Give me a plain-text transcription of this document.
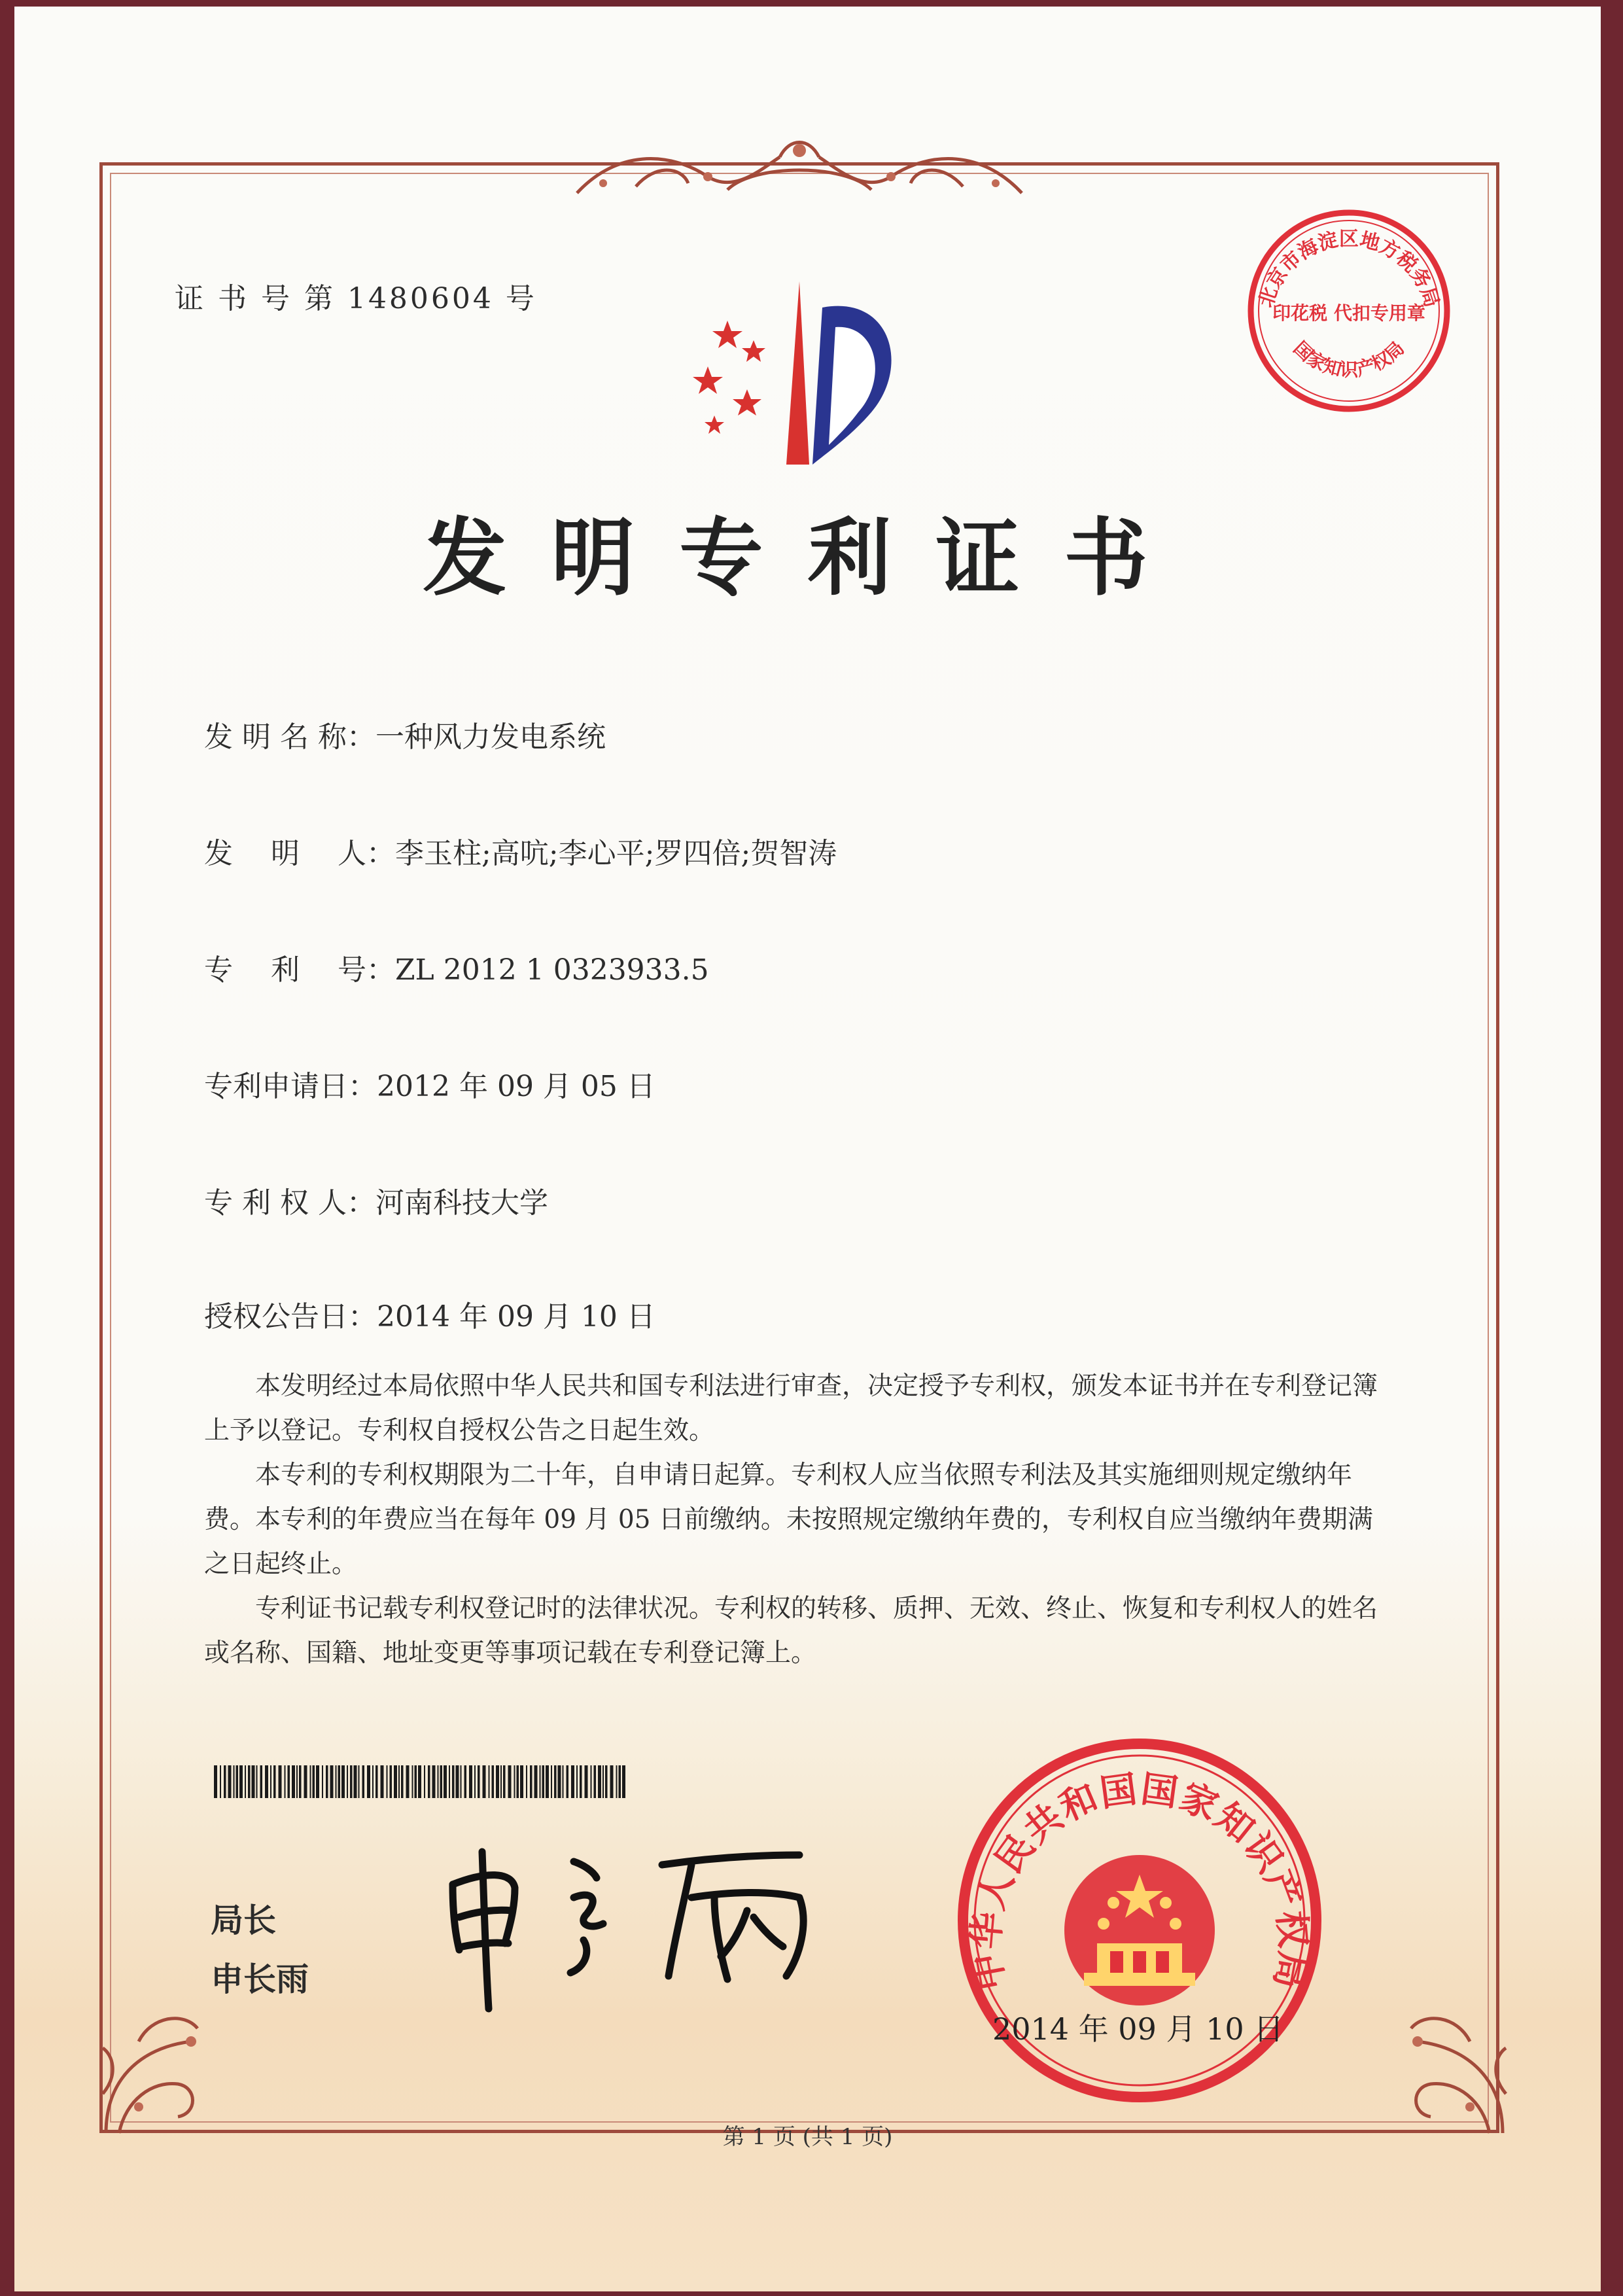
证 书 号 第 1480604 号	北京市海淀区地方税务局
国家知识产权局
印花税 代扣专用章
发明专利证书
发 明 名 称：一种风力发电系统
发　 明　 人：李玉柱;高吭;李心平;罗四倍;贺智涛
专　 利　 号：ZL 2012 1 0323933.5
专利申请日：2012 年 09 月 05 日
专 利 权 人：河南科技大学
授权公告日：2014 年 09 月 10 日

本发明经过本局依照中华人民共和国专利法进行审查，决定授予专利权，颁发本证书并在专利登记簿上予以登记。专利权自授权公告之日起生效。

本专利的专利权期限为二十年，自申请日起算。专利权人应当依照专利法及其实施细则规定缴纳年费。本专利的年费应当在每年 09 月 05 日前缴纳。未按照规定缴纳年费的，专利权自应当缴纳年费期满之日起终止。

专利证书记载专利权登记时的法律状况。专利权的转移、质押、无效、终止、恢复和专利权人的姓名或名称、国籍、地址变更等事项记载在专利登记簿上。

局长
申长雨	中华人民共和国国家知识产权局
2014 年 09 月 10 日
第 1 页 (共 1 页)
